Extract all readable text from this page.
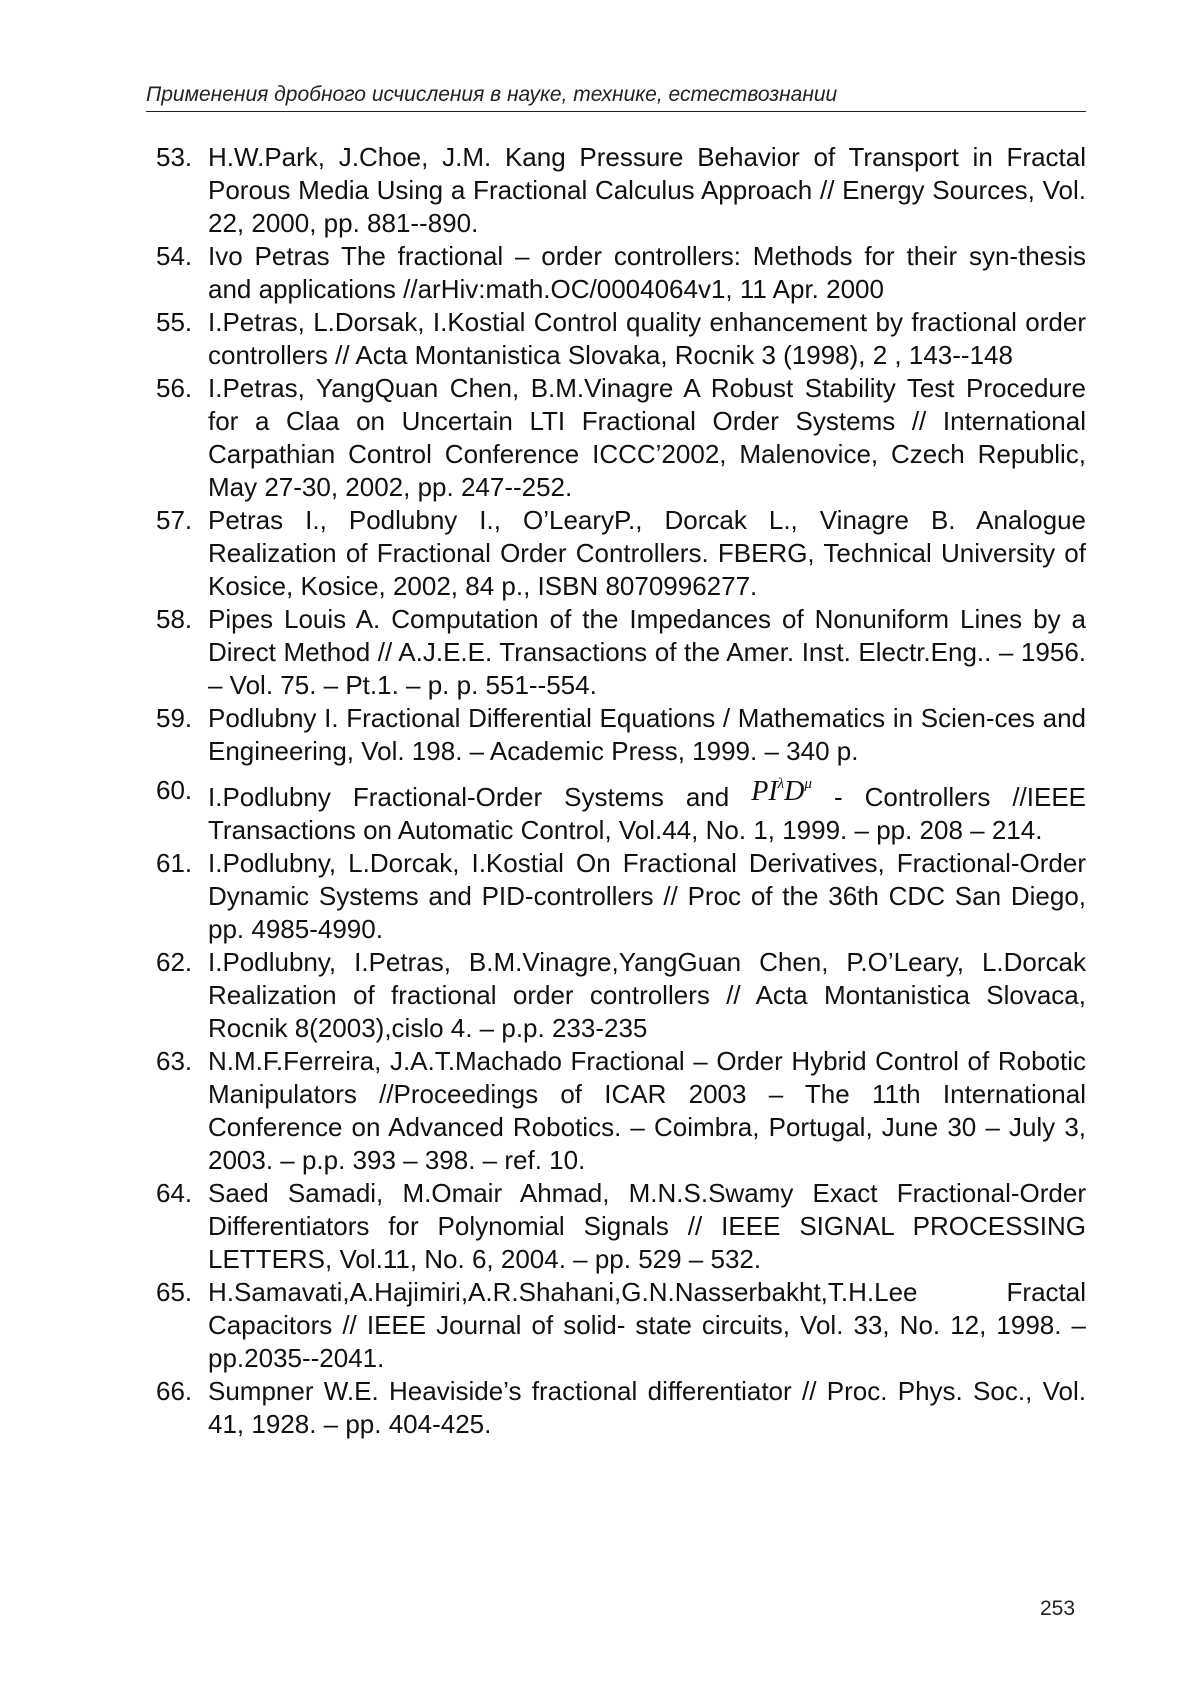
Применения дробного исчисления в науке, технике, естествознании
53. H.W.Park, J.Choe, J.M. Kang Pressure Behavior of Transport in Fractal Porous Media Using a Fractional Calculus Approach // Energy Sources, Vol. 22, 2000, pp. 881--890.
54. Ivo Petras The fractional – order controllers: Methods for their syn-thesis and applications //arHiv:math.OC/0004064v1, 11 Apr. 2000
55. I.Petras, L.Dorsak, I.Kostial Control quality enhancement by fractional order controllers // Acta Montanistica Slovaka, Rocnik 3 (1998), 2 , 143--148
56. I.Petras, YangQuan Chen, B.M.Vinagre A Robust Stability Test Procedure for a Claa on Uncertain LTI Fractional Order Systems // International Carpathian Control Conference ICCC’2002, Malenovice, Czech Republic, May 27-30, 2002, pp. 247--252.
57. Petras I., Podlubny I., O’LearyP., Dorcak L., Vinagre B. Analogue Realization of Fractional Order Controllers. FBERG, Technical University of Kosice, Kosice, 2002, 84 p., ISBN 8070996277.
58. Pipes Louis A. Computation of the Impedances of Nonuniform Lines by a Direct Method // A.J.E.E. Transactions of the Amer. Inst. Electr.Eng.. – 1956. – Vol. 75. – Pt.1. – p. p. 551--554.
59. Podlubny I. Fractional Differential Equations / Mathematics in Scien-ces and Engineering, Vol. 198. – Academic Press, 1999. – 340 p.
60. I.Podlubny Fractional-Order Systems and $PI^\lambda D^\mu$ - Controllers //IEEE Transactions on Automatic Control, Vol.44, No. 1, 1999. – pp. 208 – 214.
61. I.Podlubny, L.Dorcak, I.Kostial On Fractional Derivatives, Fractional-Order Dynamic Systems and PID-controllers // Proc of the 36th CDC San Diego, pp. 4985-4990.
62. I.Podlubny, I.Petras, B.M.Vinagre,YangGuan Chen, P.O’Leary, L.Dorcak Realization of fractional order controllers // Acta Montanistica Slovaca, Rocnik 8(2003),cislo 4. – p.p. 233-235
63. N.M.F.Ferreira, J.A.T.Machado Fractional – Order Hybrid Control of Robotic Manipulators //Proceedings of ICAR 2003 – The 11th International Conference on Advanced Robotics. – Coimbra, Portugal, June 30 – July 3, 2003. – p.p. 393 – 398. – ref. 10.
64. Saed Samadi, M.Omair Ahmad, M.N.S.Swamy Exact Fractional-Order Differentiators for Polynomial Signals // IEEE SIGNAL PROCESSING LETTERS, Vol.11, No. 6, 2004. – pp. 529 – 532.
65. H.Samavati,A.Hajimiri,A.R.Shahani,G.N.Nasserbakht,T.H.Lee Fractal Capacitors // IEEE Journal of solid- state circuits, Vol. 33, No. 12, 1998. – pp.2035--2041.
66. Sumpner W.E. Heaviside’s fractional differentiator // Proc. Phys. Soc., Vol. 41, 1928. – pp. 404-425.
253
